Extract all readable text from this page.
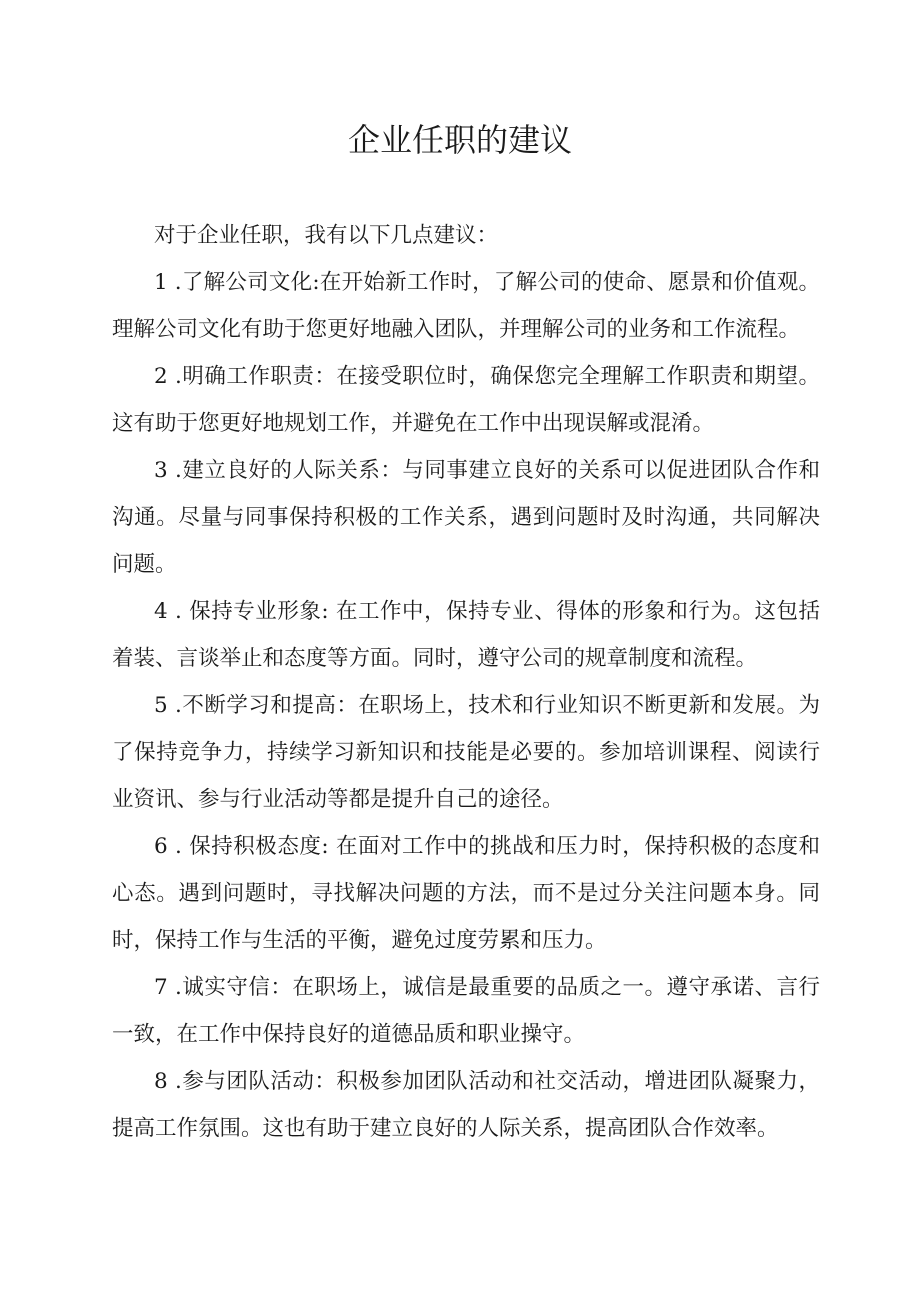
企业任职的建议

对于企业任职，我有以下几点建议：

1 .了解公司文化:在开始新工作时，了解公司的使命、愿景和价值观。理解公司文化有助于您更好地融入团队，并理解公司的业务和工作流程。

2 .明确工作职责：在接受职位时，确保您完全理解工作职责和期望。这有助于您更好地规划工作，并避免在工作中出现误解或混淆。

3 .建立良好的人际关系：与同事建立良好的关系可以促进团队合作和沟通。尽量与同事保持积极的工作关系，遇到问题时及时沟通，共同解决问题。

4 . 保持专业形象: 在工作中，保持专业、得体的形象和行为。这包括着装、言谈举止和态度等方面。同时，遵守公司的规章制度和流程。

5 .不断学习和提高：在职场上，技术和行业知识不断更新和发展。为了保持竞争力，持续学习新知识和技能是必要的。参加培训课程、阅读行业资讯、参与行业活动等都是提升自己的途径。

6 . 保持积极态度: 在面对工作中的挑战和压力时，保持积极的态度和心态。遇到问题时，寻找解决问题的方法，而不是过分关注问题本身。同时，保持工作与生活的平衡，避免过度劳累和压力。

7 .诚实守信：在职场上，诚信是最重要的品质之一。遵守承诺、言行一致，在工作中保持良好的道德品质和职业操守。

8 .参与团队活动：积极参加团队活动和社交活动，增进团队凝聚力，提高工作氛围。这也有助于建立良好的人际关系，提高团队合作效率。
